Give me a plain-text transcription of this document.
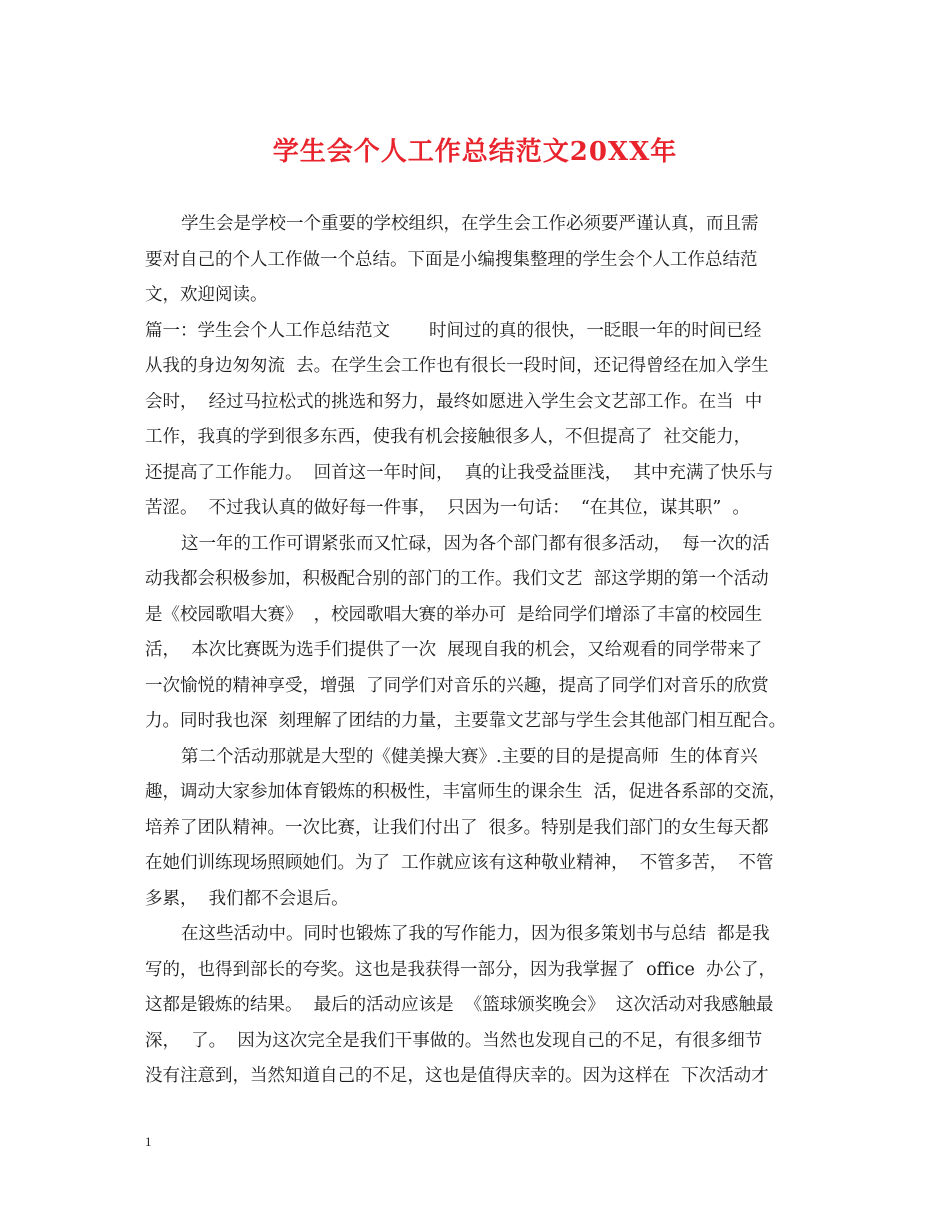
学生会个人工作总结范文20XX年
学生会是学校一个重要的学校组织，在学生会工作必须要严谨认真，而且需
要对自己的个人工作做一个总结。下面是小编搜集整理的学生会个人工作总结范
文，欢迎阅读。
篇一：学生会个人工作总结范文       时间过的真的很快，一眨眼一年的时间已经
从我的身边匆匆流  去。在学生会工作也有很长一段时间，还记得曾经在加入学生
会时，  经过马拉松式的挑选和努力，最终如愿进入学生会文艺部工作。在当  中
工作，我真的学到很多东西，使我有机会接触很多人，不但提高了  社交能力，
还提高了工作能力。  回首这一年时间，  真的让我受益匪浅，  其中充满了快乐与
苦涩。  不过我认真的做好每一件事，  只因为一句话：  “在其位，谋其职”  。
这一年的工作可谓紧张而又忙碌，因为各个部门都有很多活动，  每一次的活
动我都会积极参加，积极配合别的部门的工作。我们文艺  部这学期的第一个活动
是《校园歌唱大赛》  ，校园歌唱大赛的举办可  是给同学们增添了丰富的校园生
活，  本次比赛既为选手们提供了一次  展现自我的机会，又给观看的同学带来了
一次愉悦的精神享受，增强  了同学们对音乐的兴趣，提高了同学们对音乐的欣赏
力。同时我也深  刻理解了团结的力量，主要靠文艺部与学生会其他部门相互配合。
第二个活动那就是大型的《健美操大赛》.主要的目的是提高师  生的体育兴
趣，调动大家参加体育锻炼的积极性，丰富师生的课余生  活，促进各系部的交流，
培养了团队精神。一次比赛，让我们付出了  很多。特别是我们部门的女生每天都
在她们训练现场照顾她们。为了  工作就应该有这种敬业精神，  不管多苦，  不管
多累，  我们都不会退后。
在这些活动中。同时也锻炼了我的写作能力，因为很多策划书与总结  都是我
写的，也得到部长的夸奖。这也是我获得一部分，因为我掌握了  office  办公了，
这都是锻炼的结果。  最后的活动应该是  《篮球颁奖晚会》  这次活动对我感触最
深，  了。  因为这次完全是我们干事做的。当然也发现自己的不足，有很多细节
没有注意到，当然知道自己的不足，这也是值得庆幸的。因为这样在  下次活动才
1
